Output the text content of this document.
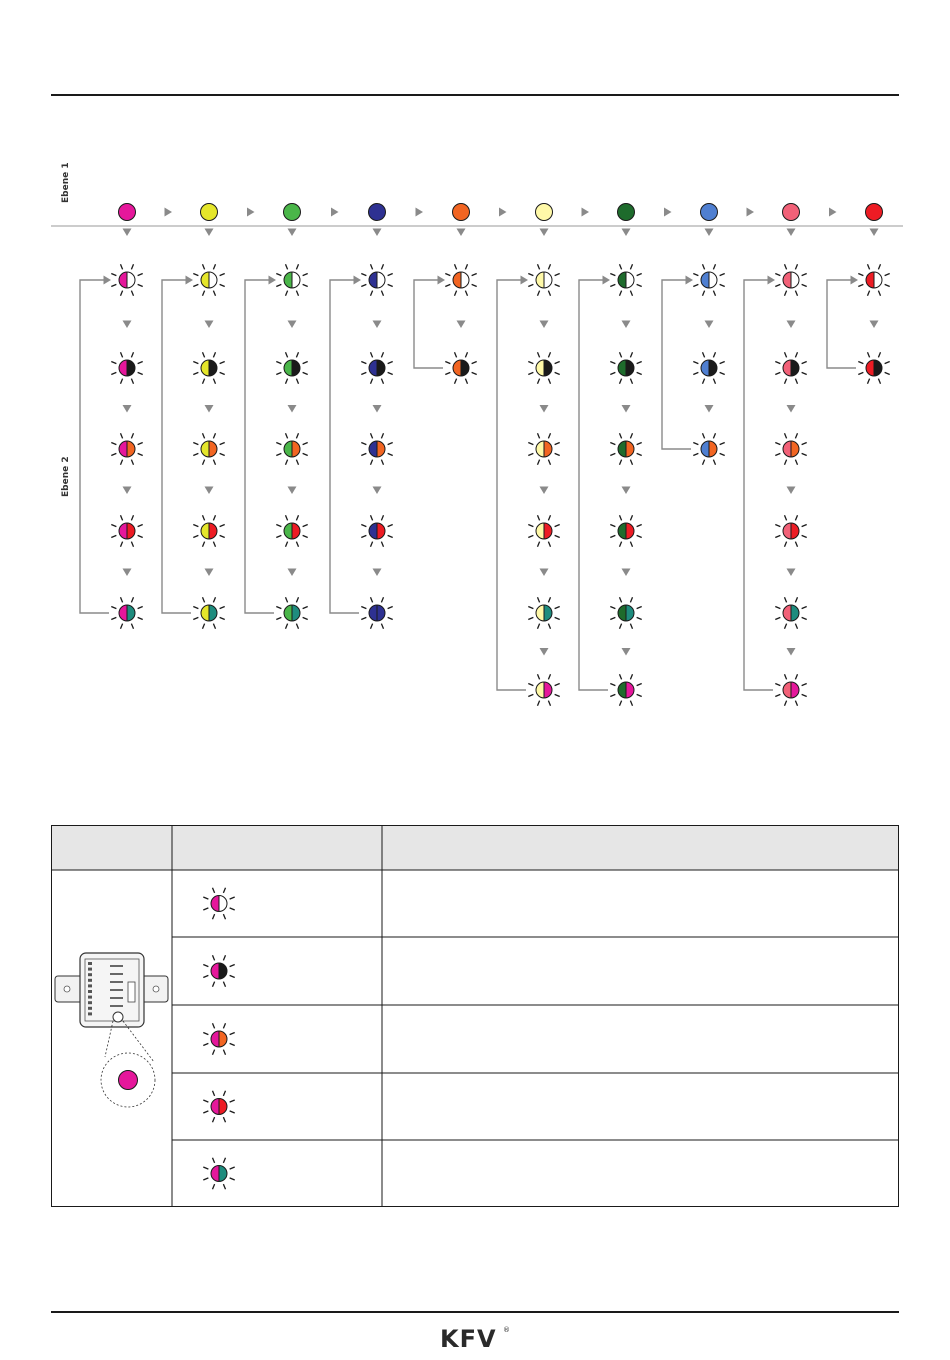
Ebene 1
Ebene 2
KFV ®
